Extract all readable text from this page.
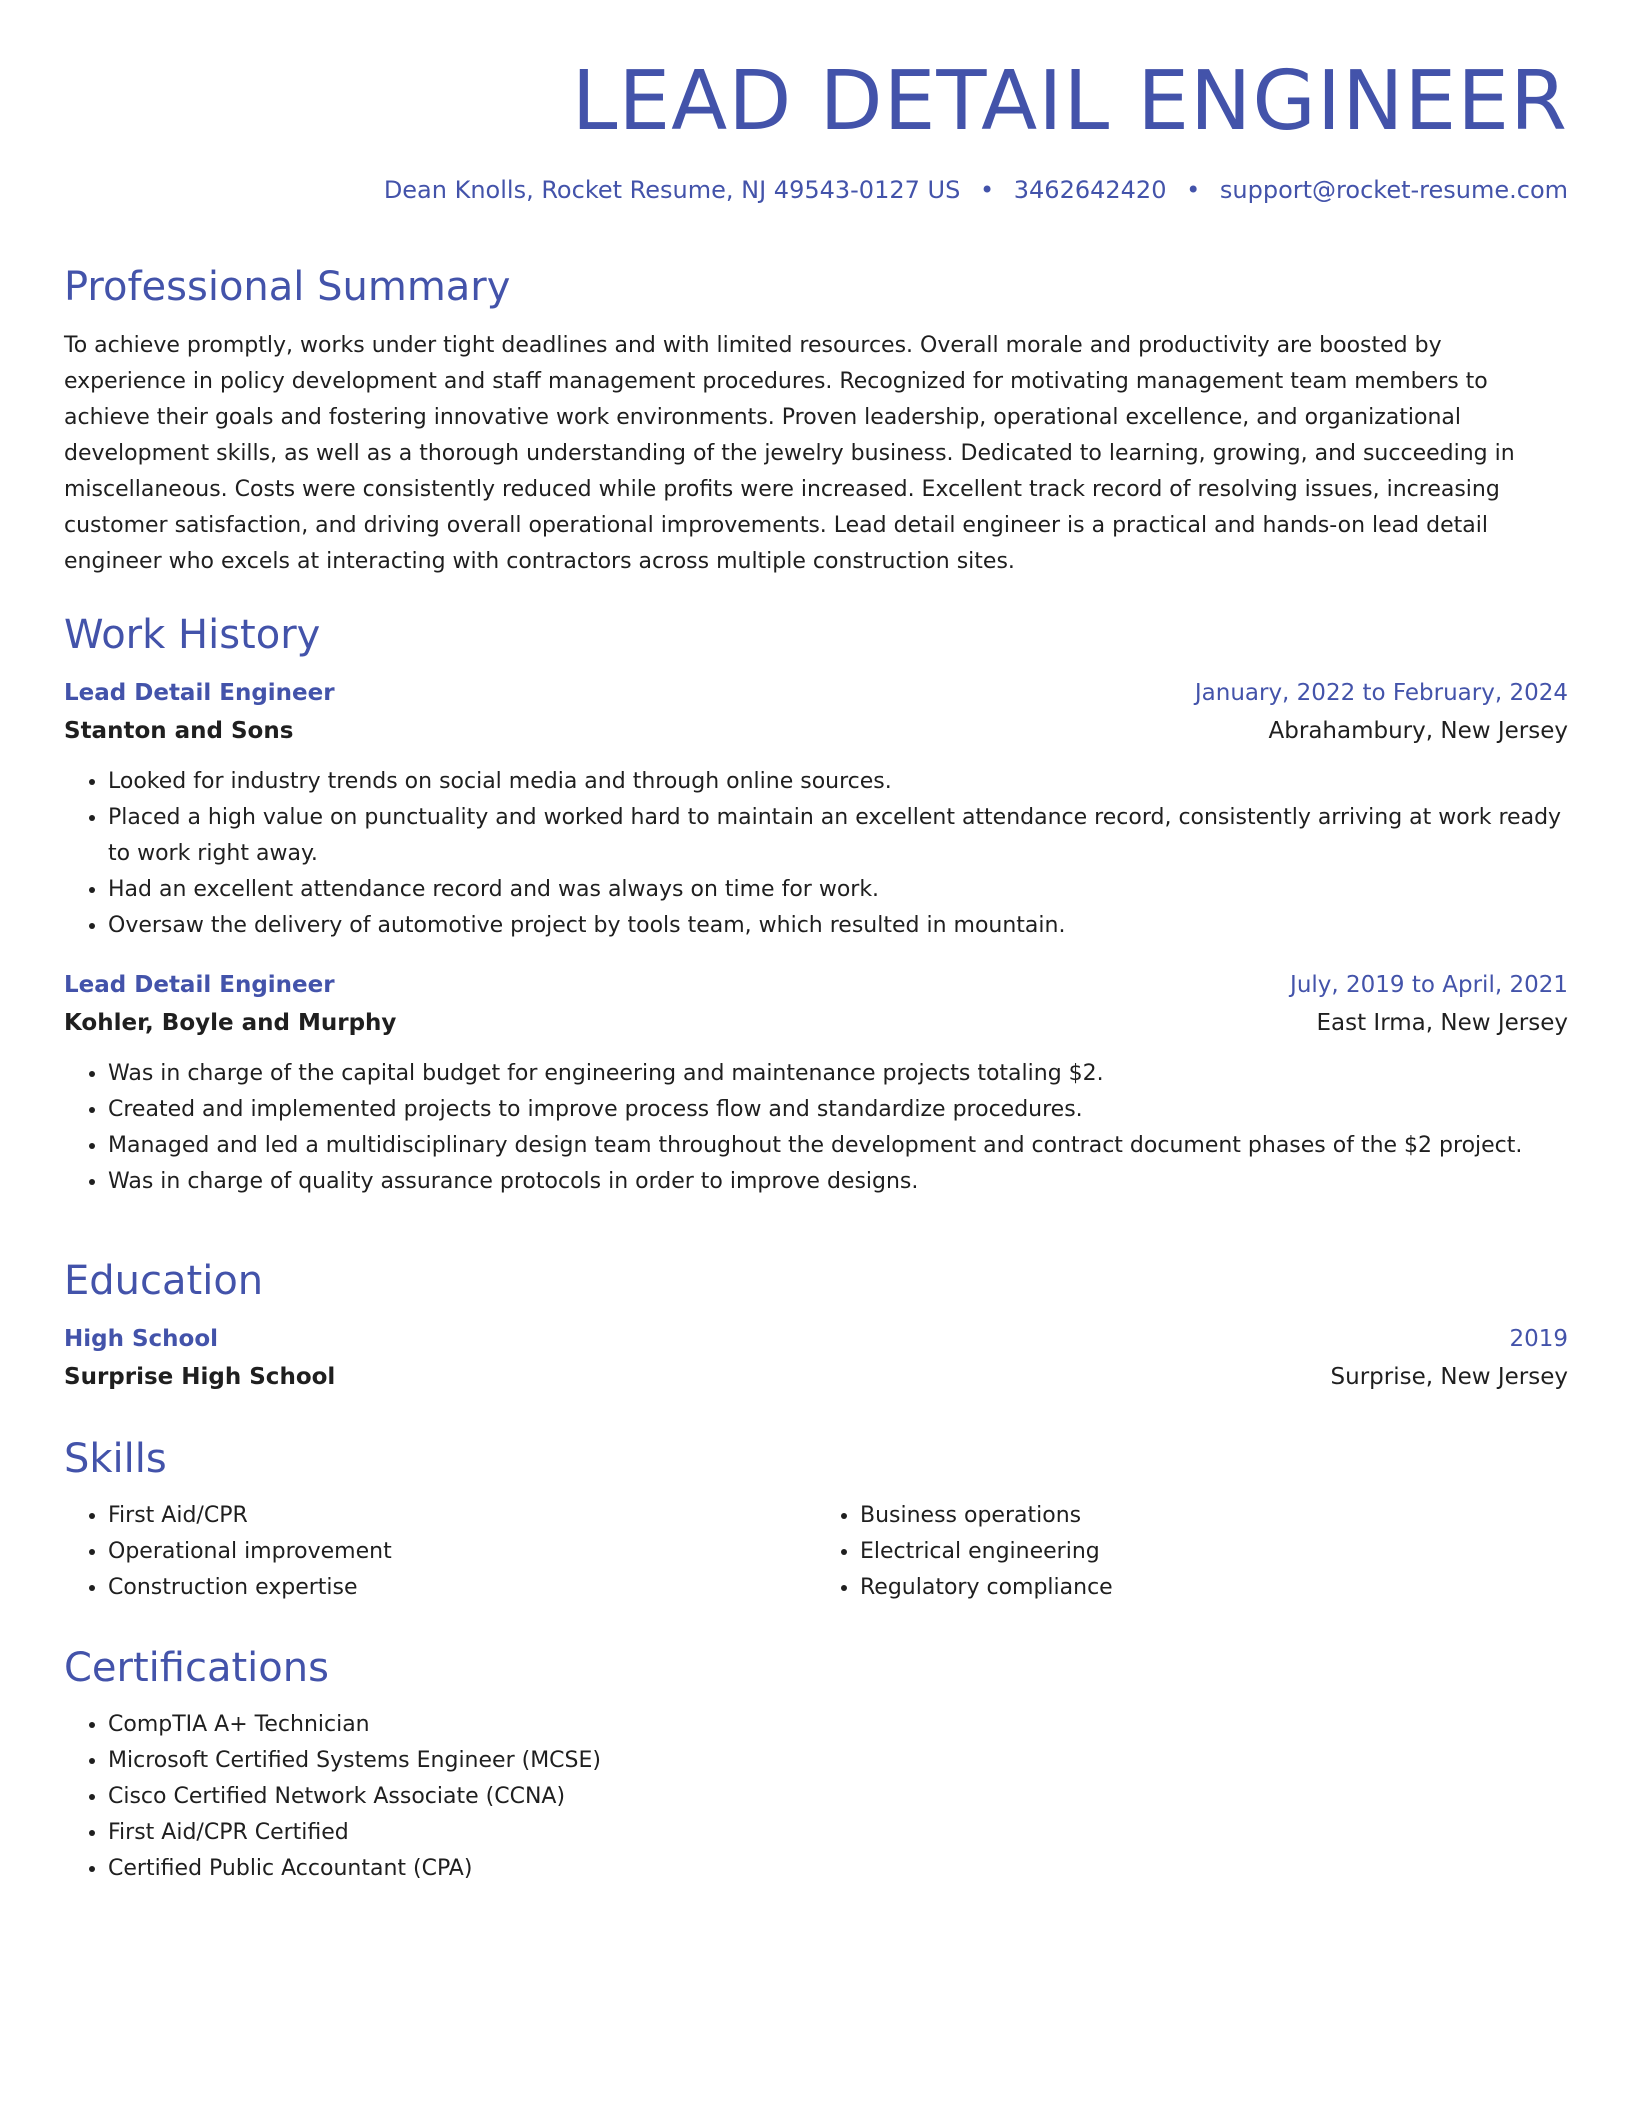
LEAD DETAIL ENGINEER
Dean Knolls, Rocket Resume, NJ 49543-0127 US • 3462642420 • support@rocket-resume.com
Professional Summary

To achieve promptly, works under tight deadlines and with limited resources. Overall morale and productivity are boosted by experience in policy development and staff management procedures. Recognized for motivating management team members to achieve their goals and fostering innovative work environments. Proven leadership, operational excellence, and organizational development skills, as well as a thorough understanding of the jewelry business. Dedicated to learning, growing, and succeeding in miscellaneous. Costs were consistently reduced while profits were increased. Excellent track record of resolving issues, increasing customer satisfaction, and driving overall operational improvements. Lead detail engineer is a practical and hands-on lead detail engineer who excels at interacting with contractors across multiple construction sites.

Work History
Lead Detail Engineer	January, 2022 to February, 2024
Stanton and Sons	Abrahambury, New Jersey
• Looked for industry trends on social media and through online sources.
• Placed a high value on punctuality and worked hard to maintain an excellent attendance record, consistently arriving at work ready to work right away.
• Had an excellent attendance record and was always on time for work.
• Oversaw the delivery of automotive project by tools team, which resulted in mountain.
Lead Detail Engineer	July, 2019 to April, 2021
Kohler, Boyle and Murphy	East Irma, New Jersey
• Was in charge of the capital budget for engineering and maintenance projects totaling $2.
• Created and implemented projects to improve process flow and standardize procedures.
• Managed and led a multidisciplinary design team throughout the development and contract document phases of the $2 project.
• Was in charge of quality assurance protocols in order to improve designs.
Education
High School	2019
Surprise High School	Surprise, New Jersey
Skills
• First Aid/CPR
• Operational improvement
• Construction expertise
• Business operations
• Electrical engineering
• Regulatory compliance
Certifications
• CompTIA A+ Technician
• Microsoft Certified Systems Engineer (MCSE)
• Cisco Certified Network Associate (CCNA)
• First Aid/CPR Certified
• Certified Public Accountant (CPA)
